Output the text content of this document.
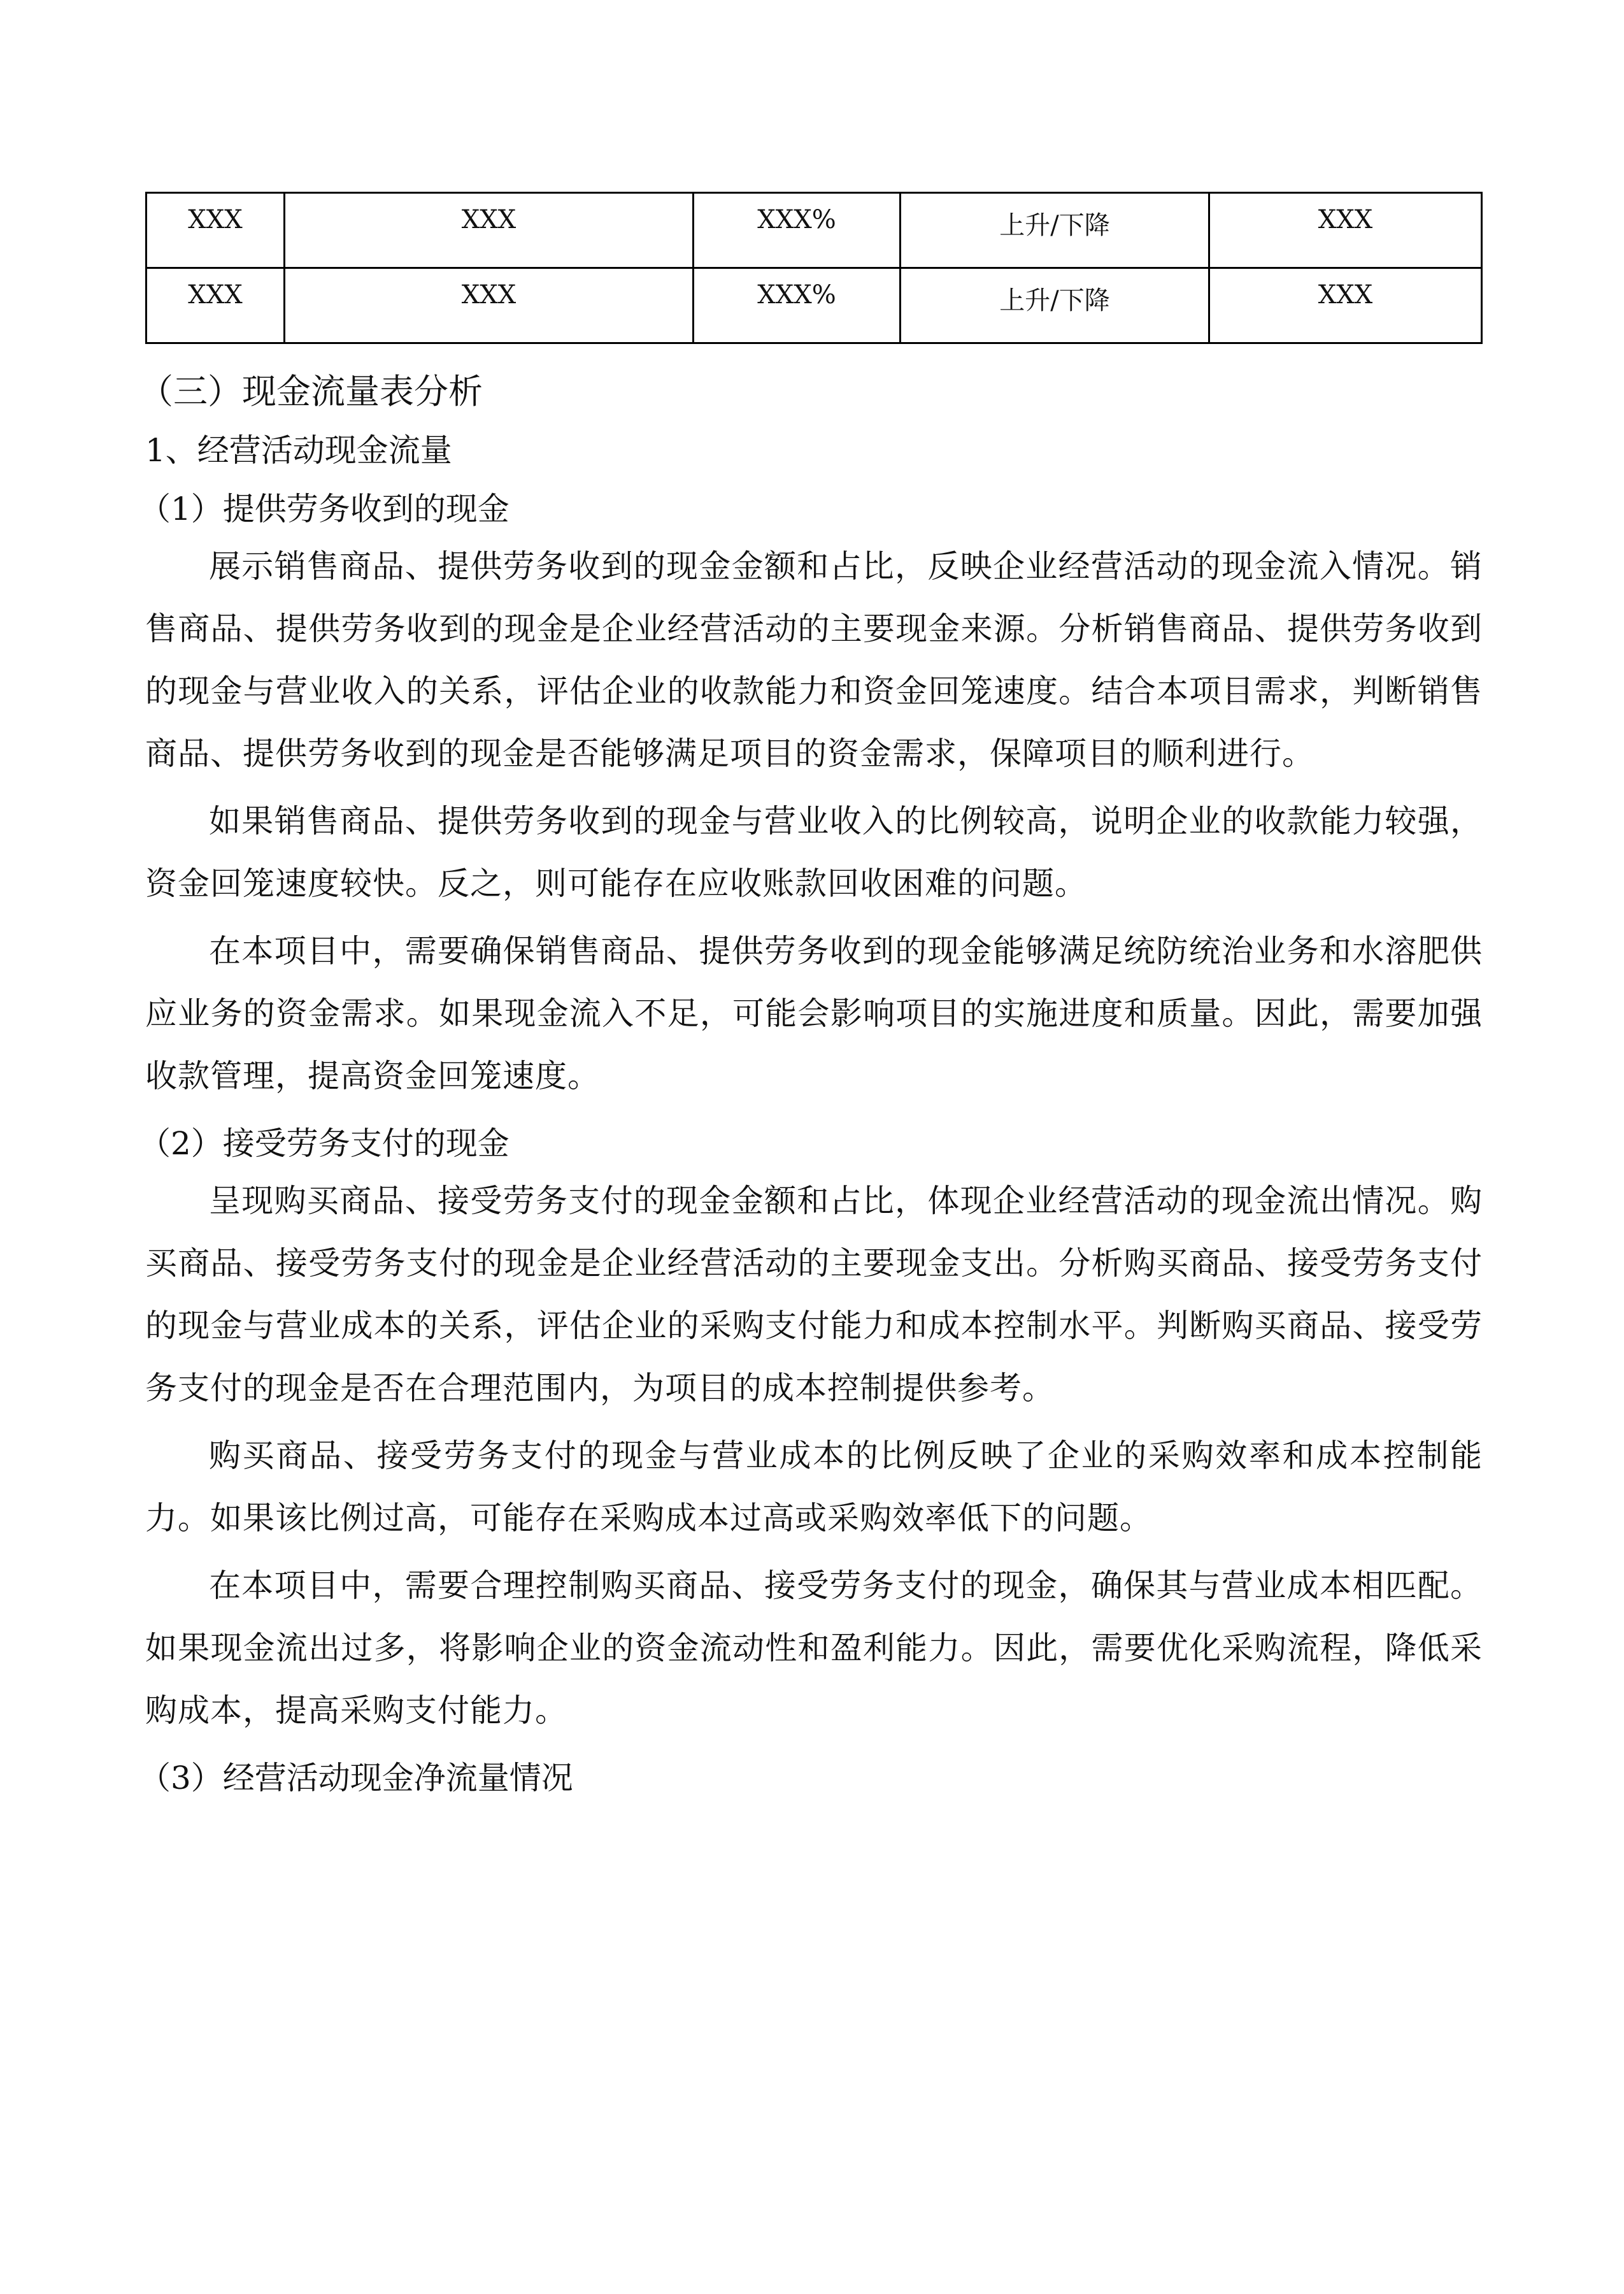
XXX	XXX	XXX%	上升/下降	XXX
XXX	XXX	XXX%	上升/下降	XXX
（三）现金流量表分析
1、经营活动现金流量
（1）提供劳务收到的现金

展示销售商品、提供劳务收到的现金金额和占比，反映企业经营活动的现金流入情况。销售商品、提供劳务收到的现金是企业经营活动的主要现金来源。分析销售商品、提供劳务收到的现金与营业收入的关系，评估企业的收款能力和资金回笼速度。结合本项目需求，判断销售商品、提供劳务收到的现金是否能够满足项目的资金需求，保障项目的顺利进行。

如果销售商品、提供劳务收到的现金与营业收入的比例较高，说明企业的收款能力较强，资金回笼速度较快。反之，则可能存在应收账款回收困难的问题。

在本项目中，需要确保销售商品、提供劳务收到的现金能够满足统防统治业务和水溶肥供应业务的资金需求。如果现金流入不足，可能会影响项目的实施进度和质量。因此，需要加强收款管理，提高资金回笼速度。

（2）接受劳务支付的现金

呈现购买商品、接受劳务支付的现金金额和占比，体现企业经营活动的现金流出情况。购买商品、接受劳务支付的现金是企业经营活动的主要现金支出。分析购买商品、接受劳务支付的现金与营业成本的关系，评估企业的采购支付能力和成本控制水平。判断购买商品、接受劳务支付的现金是否在合理范围内，为项目的成本控制提供参考。

购买商品、接受劳务支付的现金与营业成本的比例反映了企业的采购效率和成本控制能力。如果该比例过高，可能存在采购成本过高或采购效率低下的问题。

在本项目中，需要合理控制购买商品、接受劳务支付的现金，确保其与营业成本相匹配。如果现金流出过多，将影响企业的资金流动性和盈利能力。因此，需要优化采购流程，降低采购成本，提高采购支付能力。

（3）经营活动现金净流量情况
